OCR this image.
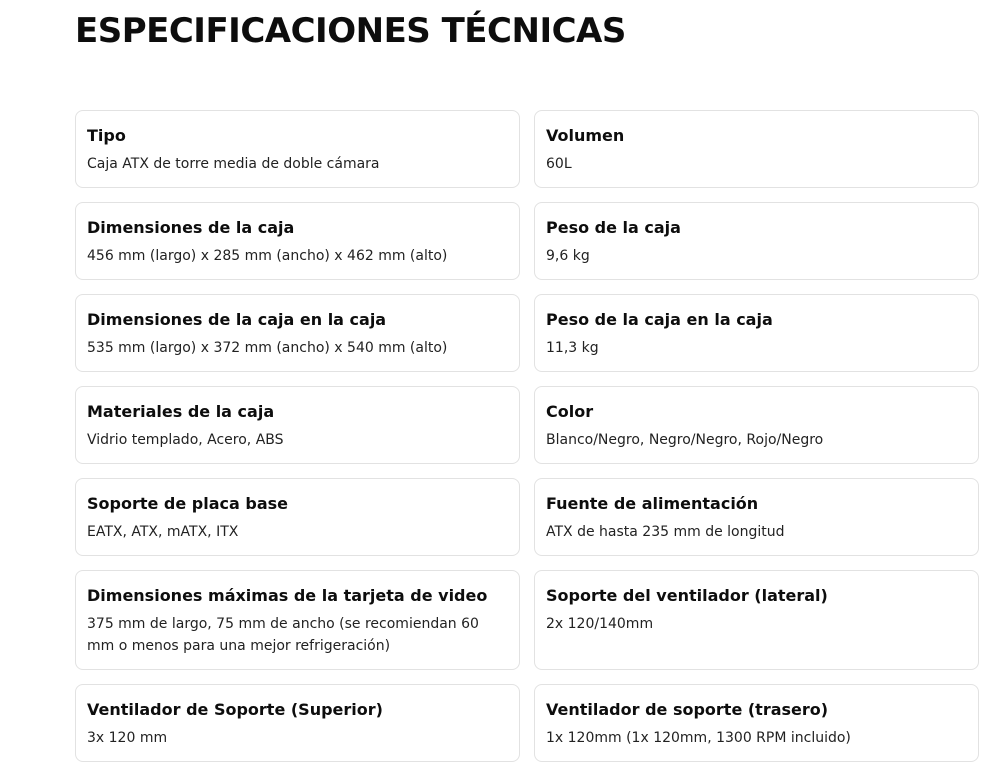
ESPECIFICACIONES TÉCNICAS
Tipo
Caja ATX de torre media de doble cámara
Volumen
60L
Dimensiones de la caja
456 mm (largo) x 285 mm (ancho) x 462 mm (alto)
Peso de la caja
9,6 kg
Dimensiones de la caja en la caja
535 mm (largo) x 372 mm (ancho) x 540 mm (alto)
Peso de la caja en la caja
11,3 kg
Materiales de la caja
Vidrio templado, Acero, ABS
Color
Blanco/Negro, Negro/Negro, Rojo/Negro
Soporte de placa base
EATX, ATX, mATX, ITX
Fuente de alimentación
ATX de hasta 235 mm de longitud
Dimensiones máximas de la tarjeta de video
375 mm de largo, 75 mm de ancho (se recomiendan 60 mm o menos para una mejor refrigeración)
Soporte del ventilador (lateral)
2x 120/140mm
Ventilador de Soporte (Superior)
3x 120 mm
Ventilador de soporte (trasero)
1x 120mm (1x 120mm, 1300 RPM incluido)
